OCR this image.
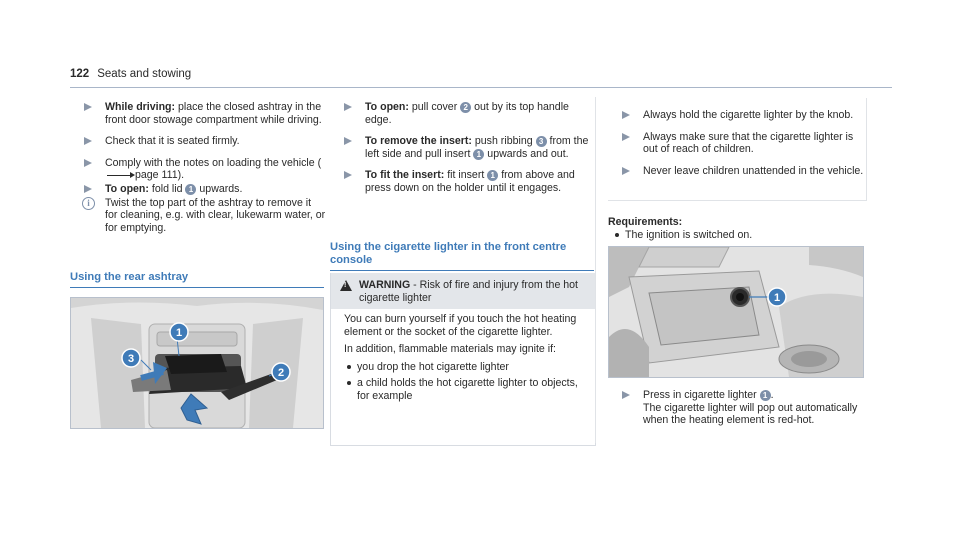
122 Seats and stowing
While driving: place the closed ashtray in the front door stowage compartment while driving.
Check that it is seated firmly.
Comply with the notes on loading the vehicle (page 111).
To open: fold lid 1 upwards.
i	Twist the top part of the ashtray to remove it for cleaning, e.g. with clear, lukewarm water, or for emptying.
Using the rear ashtray
1
2
3
To open: pull cover 2 out by its top handle edge.
To remove the insert: push ribbing 3 from the left side and pull insert 1 upwards and out.
To fit the insert: fit insert 1 from above and press down on the holder until it engages.
Using the cigarette lighter in the front centre console
! WARNING - Risk of fire and injury from the hot cigarette lighter

You can burn yourself if you touch the hot heating element or the socket of the cigarette lighter.

In addition, flammable materials may ignite if:

you drop the hot cigarette lighter
a child holds the hot cigarette lighter to objects, for example
Always hold the cigarette lighter by the knob.
Always make sure that the cigarette lighter is out of reach of children.
Never leave children unattended in the vehicle.
Requirements:
The ignition is switched on.
1
Press in cigarette lighter 1 .
The cigarette lighter will pop out automatically when the heating element is red-hot.
